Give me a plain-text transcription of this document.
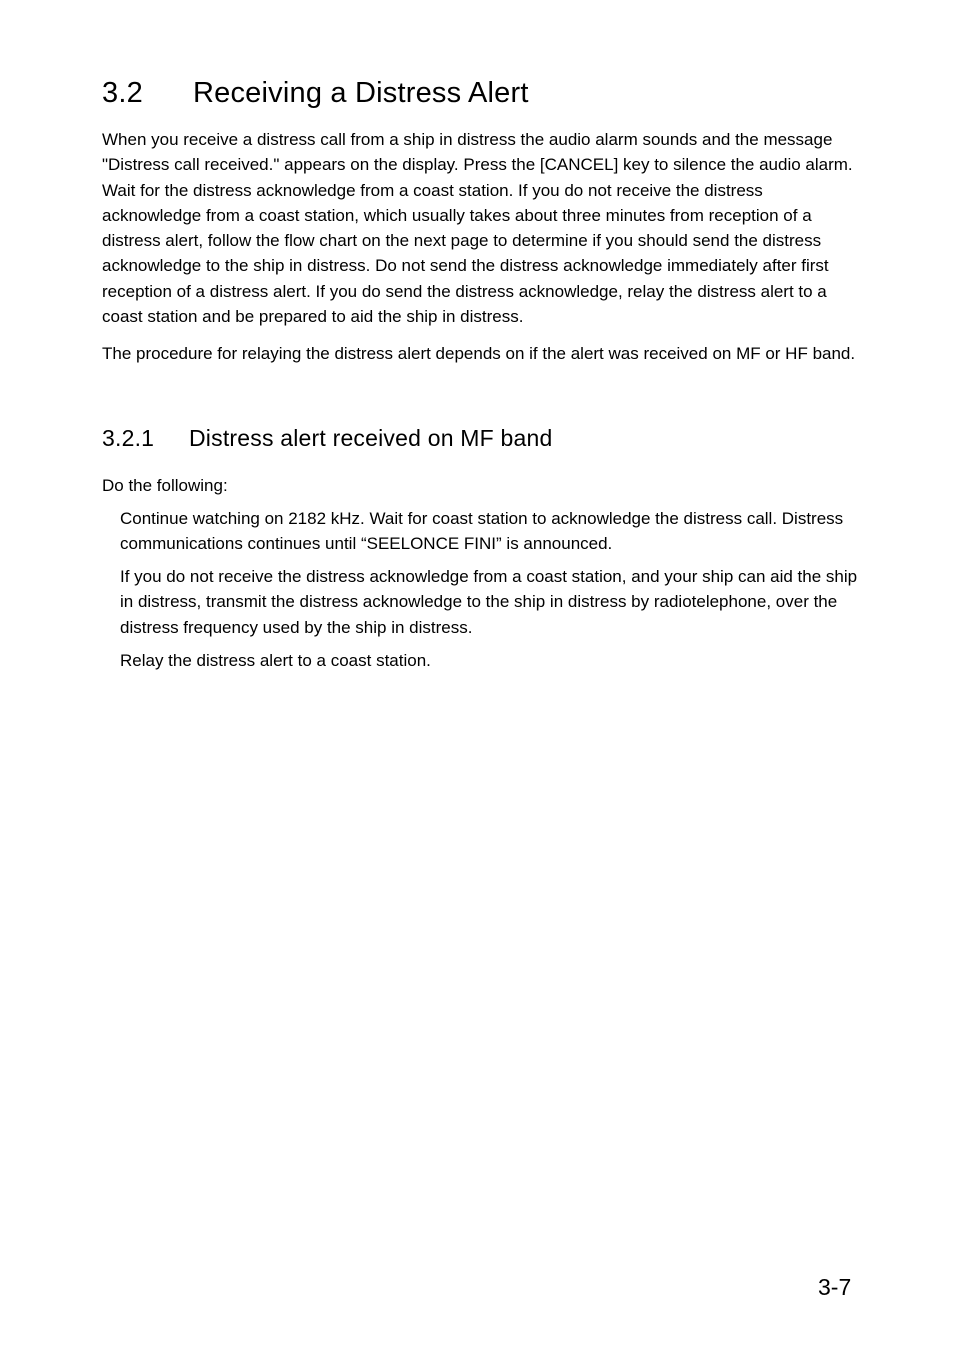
3.2 Receiving a Distress Alert

When you receive a distress call from a ship in distress the audio alarm sounds and the message "Distress call received." appears on the display. Press the [CANCEL] key to silence the audio alarm. Wait for the distress acknowledge from a coast station. If you do not receive the distress acknowledge from a coast station, which usually takes about three minutes from reception of a distress alert, follow the flow chart on the next page to determine if you should send the distress acknowledge to the ship in distress. Do not send the distress acknowledge immediately after first reception of a distress alert. If you do send the distress acknowledge, relay the distress alert to a coast station and be prepared to aid the ship in distress.

The procedure for relaying the distress alert depends on if the alert was received on MF or HF band.

3.2.1 Distress alert received on MF band

Do the following:

Continue watching on 2182 kHz. Wait for coast station to acknowledge the distress call. Distress communications continues until “SEELONCE FINI” is announced.

If you do not receive the distress acknowledge from a coast station, and your ship can aid the ship in distress, transmit the distress acknowledge to the ship in distress by radiotelephone, over the distress frequency used by the ship in distress.

Relay the distress alert to a coast station.

3-7
